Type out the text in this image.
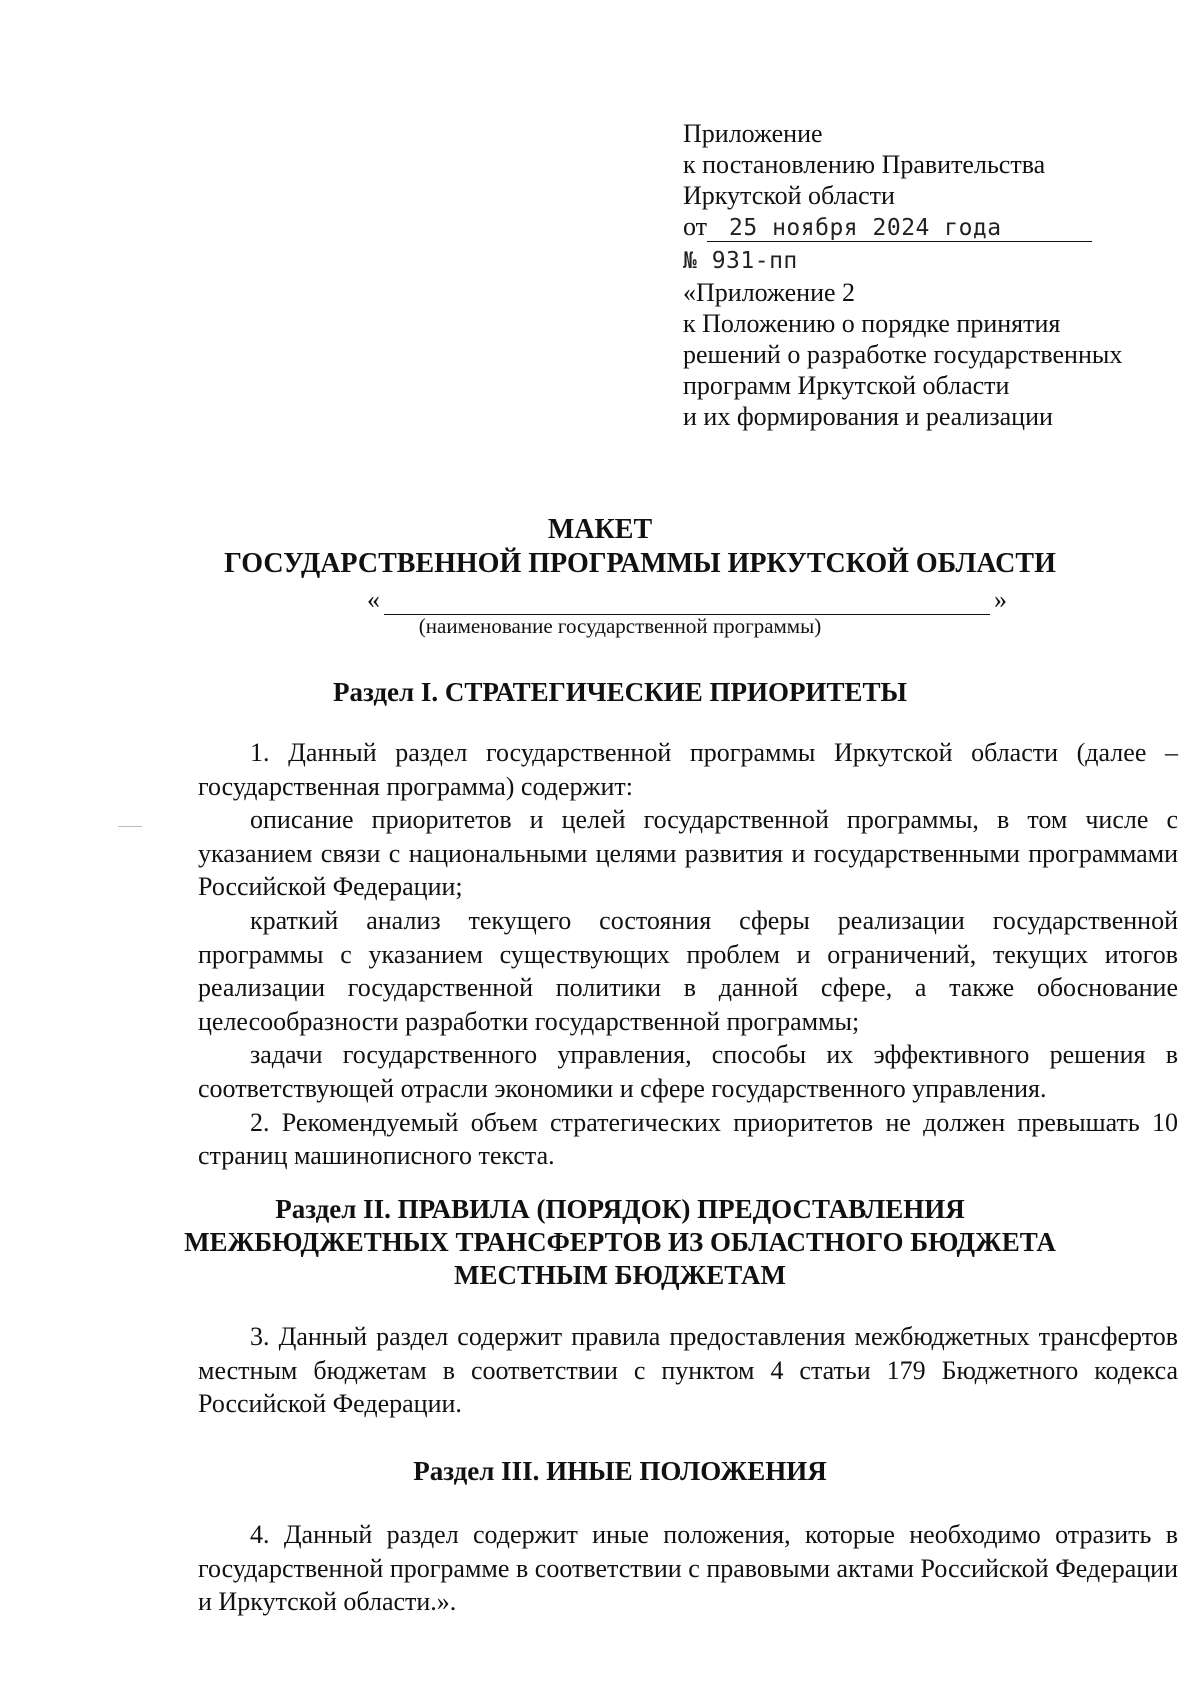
Приложение
к постановлению Правительства
Иркутской области
от 25 ноября 2024 года
№ 931-пп
«Приложение 2
к Положению о порядке принятия
решений о разработке государственных
программ Иркутской области
и их формирования и реализации
МАКЕТ
ГОСУДАРСТВЕННОЙ ПРОГРАММЫ ИРКУТСКОЙ ОБЛАСТИ
«	»
(наименование государственной программы)
Раздел I. СТРАТЕГИЧЕСКИЕ ПРИОРИТЕТЫ

1. Данный раздел государственной программы Иркутской области (далее – государственная программа) содержит:

описание приоритетов и целей государственной программы, в том числе с указанием связи с национальными целями развития и государственными программами Российской Федерации;

краткий анализ текущего состояния сферы реализации государственной программы с указанием существующих проблем и ограничений, текущих итогов реализации государственной политики в данной сфере, а также обоснование целесообразности разработки государственной программы;

задачи государственного управления, способы их эффективного решения в соответствующей отрасли экономики и сфере государственного управления.

2. Рекомендуемый объем стратегических приоритетов не должен превышать 10 страниц машинописного текста.

Раздел II. ПРАВИЛА (ПОРЯДОК) ПРЕДОСТАВЛЕНИЯ
МЕЖБЮДЖЕТНЫХ ТРАНСФЕРТОВ ИЗ ОБЛАСТНОГО БЮДЖЕТА
МЕСТНЫМ БЮДЖЕТАМ

3. Данный раздел содержит правила предоставления межбюджетных трансфертов местным бюджетам в соответствии с пунктом 4 статьи 179 Бюджетного кодекса Российской Федерации.

Раздел III. ИНЫЕ ПОЛОЖЕНИЯ

4. Данный раздел содержит иные положения, которые необходимо отразить в государственной программе в соответствии с правовыми актами Российской Федерации и Иркутской области.».
